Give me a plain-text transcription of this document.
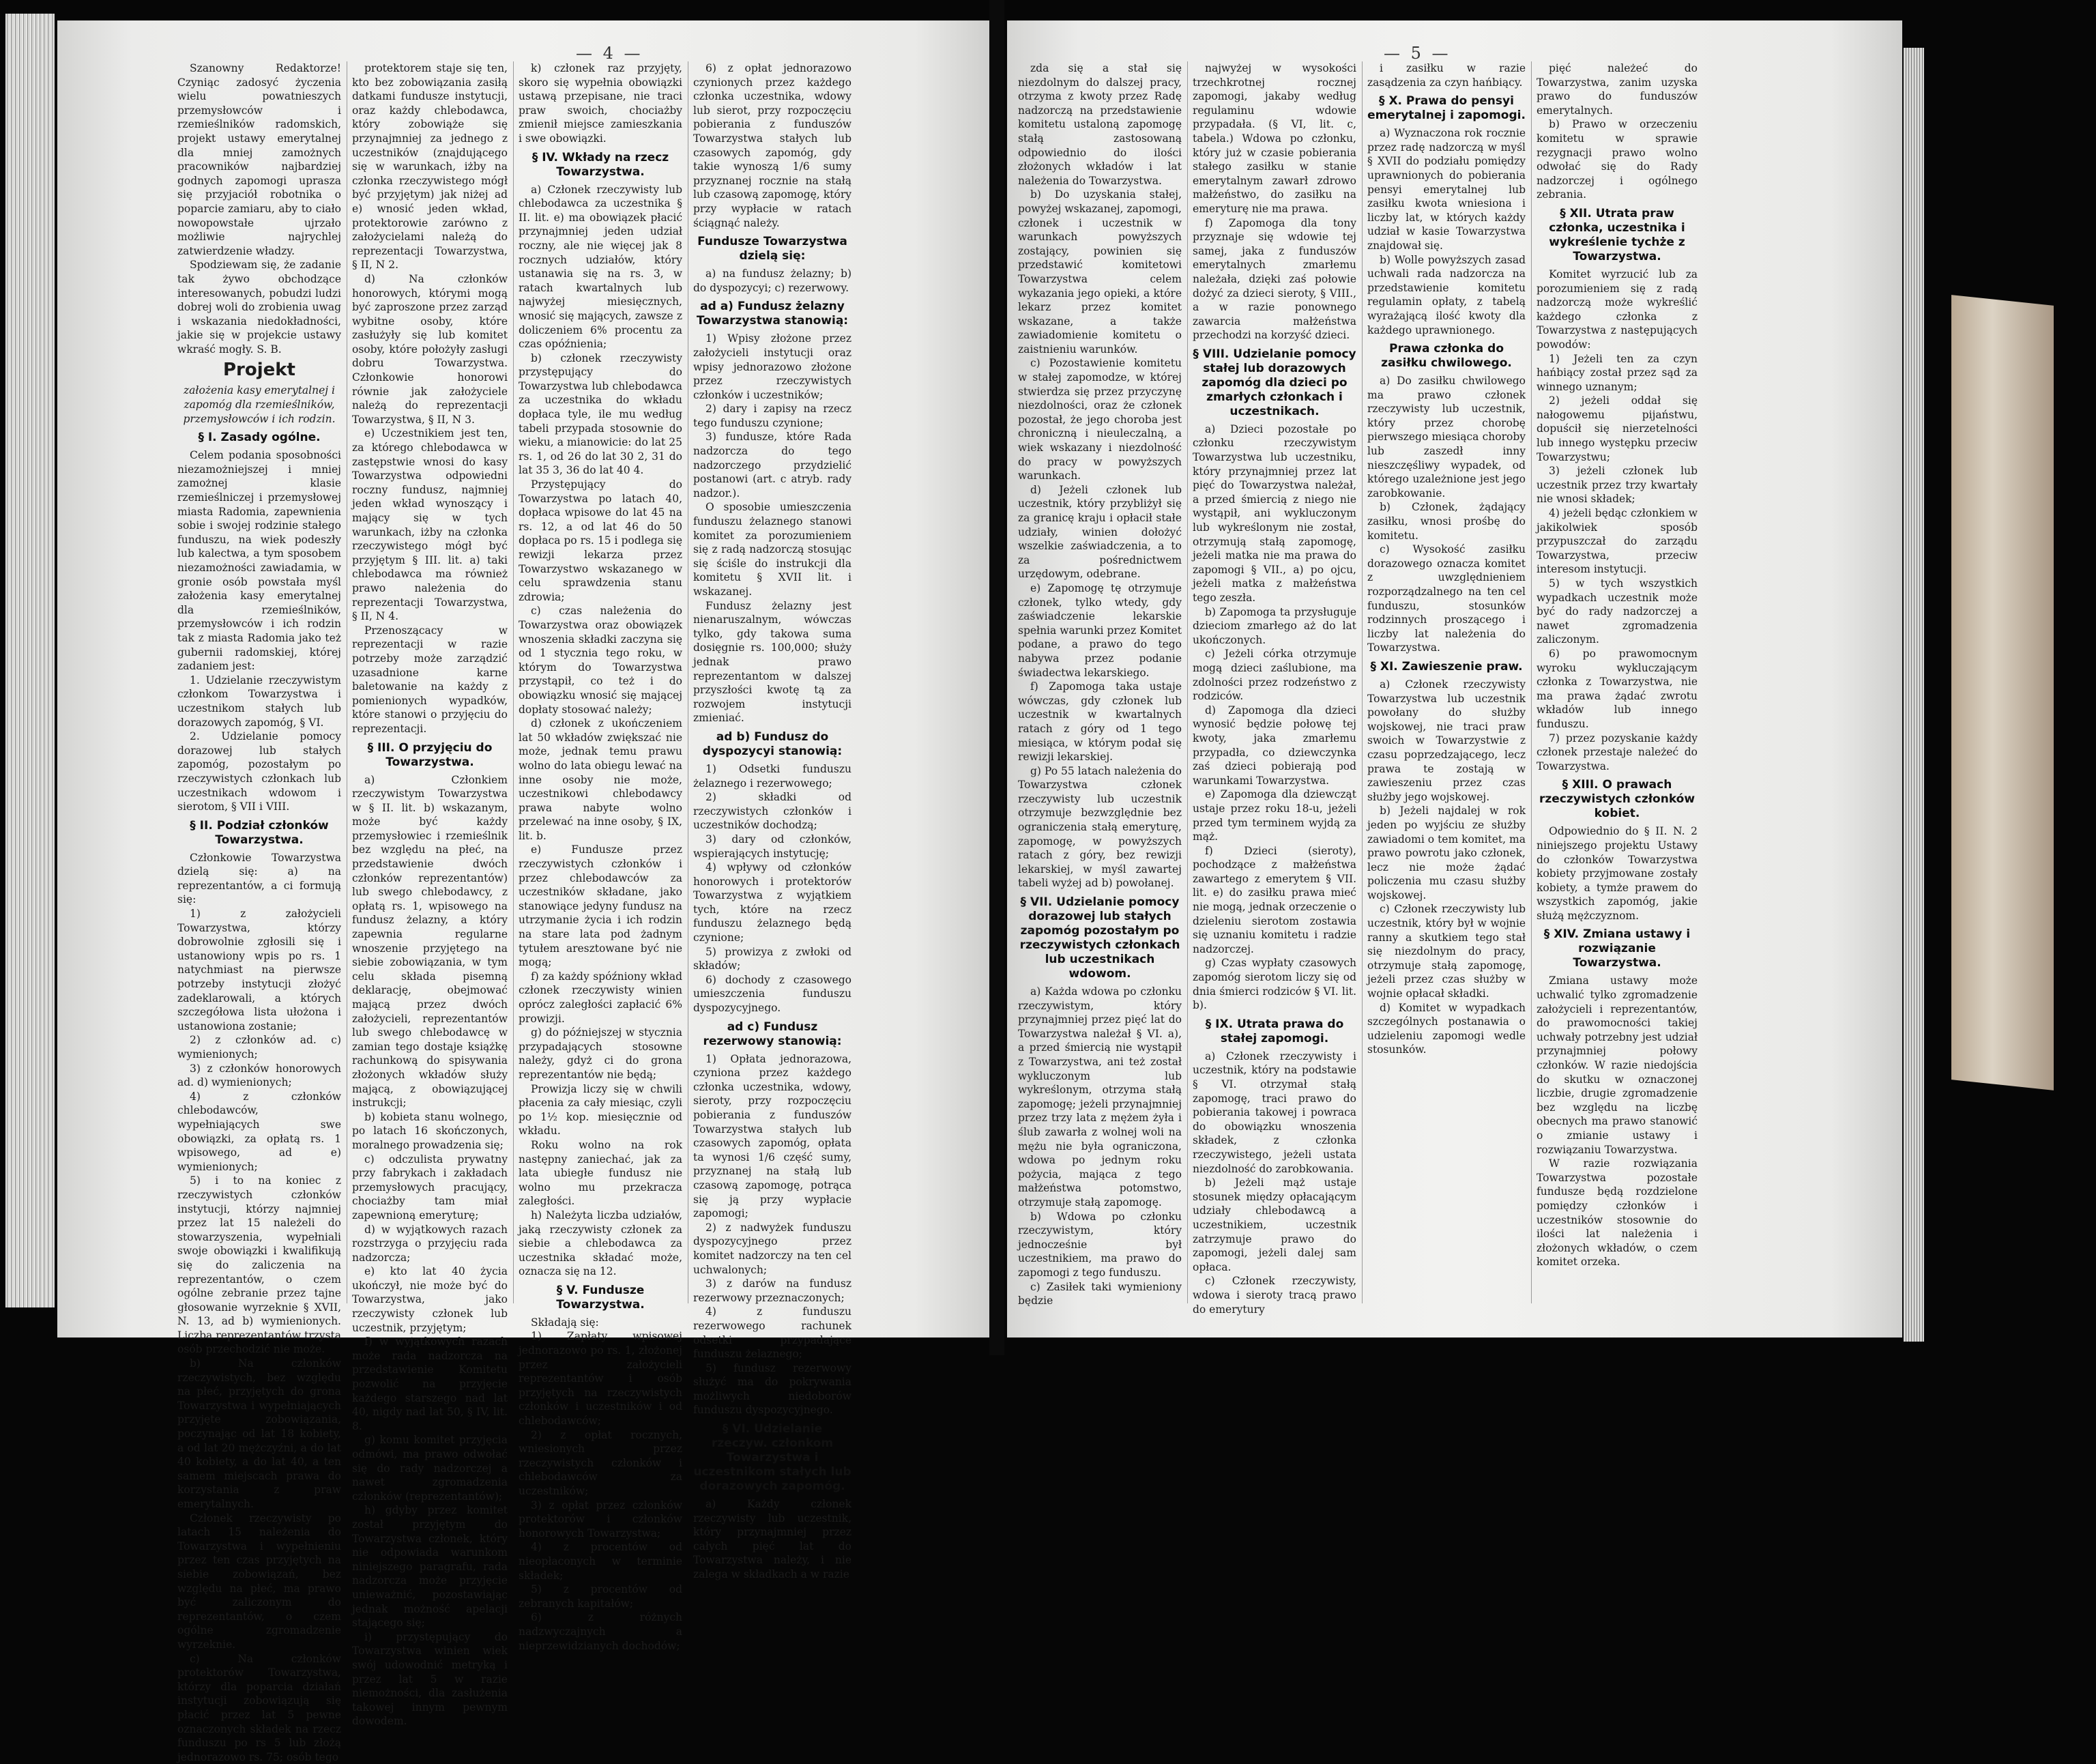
— 4 —

Szanowny Redaktorze! Czyniąc zadosyć życzenia wielu powatnieszych przemysłowców i rzemieślników radomskich, projekt ustawy emerytalnej dla mniej zamożnych pracowników najbardziej godnych zapomogi uprasza się przyjaciół robotnika o poparcie zamiaru, aby to ciało nowopowstałe ujrzało możliwie najrychlej zatwierdzenie władzy.

Spodziewam się, że zadanie tak żywo obchodzące interesowanych, pobudzi ludzi dobrej woli do zrobienia uwag i wskazania niedokładności, jakie się w projekcie ustawy wkraść mogły. S. B.

Projekt

założenia kasy emerytalnej i zapomóg dla rzemieślników, przemysłowców i ich rodzin.

§ I. Zasady ogólne.

Celem podania sposobności niezamożniejszej i mniej zamożnej klasie rzemieślniczej i przemysłowej miasta Radomia, zapewnienia sobie i swojej rodzinie stałego funduszu, na wiek podeszły lub kalectwa, a tym sposobem niezamożności zawiadamia, w gronie osób powstała myśl założenia kasy emerytalnej dla rzemieślników, przemysłowców i ich rodzin tak z miasta Radomia jako też gubernii radomskiej, której zadaniem jest:

1. Udzielanie rzeczywistym członkom Towarzystwa i uczestnikom stałych lub dorazowych zapomóg, § VI.

2. Udzielanie pomocy dorazowej lub stałych zapomóg, pozostałym po rzeczywistych członkach lub uczestnikach wdowom i sierotom, § VII i VIII.

§ II. Podział członków Towarzystwa.

Członkowie Towarzystwa dzielą się: a) na reprezentantów, a ci formują się:

1) z założycieli Towarzystwa, którzy dobrowolnie zgłosili się i ustanowiony wpis po rs. 1 natychmiast na pierwsze potrzeby instytucji złożyć zadeklarowali, a których szczegółowa lista ułożona i ustanowiona zostanie;

2) z członków ad. c) wymienionych;

3) z członków honorowych ad. d) wymienionych;

4) z członków chlebodawców, wypełniających swe obowiązki, za opłatą rs. 1 wpisowego, ad e) wymienionych;

5) i to na koniec z rzeczywistych członków instytucji, którzy najmniej przez lat 15 należeli do stowarzyszenia, wypełniali swoje obowiązki i kwalifikują się do zaliczenia na reprezentantów, o czem ogólne zebranie przez tajne głosowanie wyrzeknie § XVII, N. 13, ad b) wymienionych. Liczba reprezentantów trzysta osób przechodzić nie może.

b) Na członków rzeczywistych, bez względu na płeć, przyjętych do grona Towarzystwa i wypełniających przyjęte zobowiązania, poczynając od lat 18 kobiety, a od lat 20 mężczyźni, a do lat 40 kobiety, a do lat 40, a ten samem miejscach prawa do korzystania z praw emerytalnych.

Członek rzeczywisty po latach 15 należenia do Towarzystwa i wypełnieniu przez ten czas przyjętych na siebie zobowiązań, bez względu na płeć, ma prawo być zaliczonym do reprezentantów, o czem ogólne zgromadzenie wyrzeknie.

c) Na członków protektorów Towarzystwa, którzy dla poparcia działań instytucji zobowiązują się płacić przez lat 5 pewne oznaczonych składek na rzecz funduszu po rs 5 lub złożą jednorazowo rs. 75; osób tego

protektorem staje się ten, kto bez zobowiązania zasiłą datkami fundusze instytucji, oraz każdy chlebodawca, który zobowiąże się przynajmniej za jednego z uczestników (znajdującego się w warunkach, iżby na członka rzeczywistego mógł być przyjętym) jak niżej ad e) wnosić jeden wkład, protektorowie zarówno z założycielami należą do reprezentacji Towarzystwa, § II, N 2.

d) Na członków honorowych, którymi mogą być zaproszone przez zarząd wybitne osoby, które zasłużyły się lub komitet osoby, które położyły zasługi dobru Towarzystwa. Członkowie honorowi równie jak założyciele należą do reprezentacji Towarzystwa, § II, N 3.

e) Uczestnikiem jest ten, za którego chlebodawca w zastępstwie wnosi do kasy Towarzystwa odpowiedni roczny fundusz, najmniej jeden wkład wynoszący i mający się w tych warunkach, iżby na członka rzeczywistego mógł być przyjętym § III. lit. a) taki chlebodawca ma również prawo należenia do reprezentacji Towarzystwa, § II, N 4.

Przenoszącacy w reprezentacji w razie potrzeby może zarządzić uzasadnione karne baletowanie na każdy z pomienionych wypadków, które stanowi o przyjęciu do reprezentacji.

§ III. O przyjęciu do Towarzystwa.

a) Członkiem rzeczywistym Towarzystwa w § II. lit. b) wskazanym, może być każdy przemysłowiec i rzemieślnik bez względu na płeć, na przedstawienie dwóch członków reprezentantów) lub swego chlebodawcy, z opłatą rs. 1, wpisowego na fundusz żelazny, a który zapewnia regularne wnoszenie przyjętego na siebie zobowiązania, w tym celu składa pisemną deklarację, obejmować mającą przez dwóch założycieli, reprezentantów lub swego chlebodawcę w zamian tego dostaje książkę rachunkową do spisywania złożonych wkładów służy mającą, z obowiązującej instrukcji;

b) kobieta stanu wolnego, po latach 16 skończonych, moralnego prowadzenia się;

c) odczulista prywatny przy fabrykach i zakładach przemysłowych pracujący, chociażby tam miał zapewnioną emeryturę;

d) w wyjątkowych razach rozstrzyga o przyjęciu rada nadzorcza;

e) kto lat 40 życia ukończył, nie może być do Towarzystwa, jako rzeczywisty członek lub uczestnik, przyjętym;

f) w wyjątkowych razach może rada nadzorcza na przedstawienie Komitetu pozwolić na przyjęcie każdego starszego nad lat 40, nigdy nad lat 50, § IV, lit. 8.

g) komu komitet przyjęcia odmówi, ma prawo odwołać się do rady nadzorczej a nawet zgromadzenia członków (reprezentantów);

h) gdyby przez komitet został przyjętym do Towarzystwa członek, który nie odpowiada warunkom niniejszego paragrafu, rada nadzorcza może przyjęcie unieważnić, pozostawiając jednak możność apelacji stającego się;

i) przystępujący do Towarzystwa winien wiek swój udowodnić metryką i przez lat 5 w razie niemożności, dla zasłużenia takowej innym pewnym dowodem.

k) członek raz przyjęty, skoro się wypełnia obowiązki ustawą przepisane, nie traci praw swoich, chociażby zmienił miejsce zamieszkania i swe obowiązki.

§ IV. Wkłady na rzecz Towarzystwa.

a) Członek rzeczywisty lub chlebodawca za uczestnika § II. lit. e) ma obowiązek płacić przynajmniej jeden udział roczny, ale nie więcej jak 8 rocznych udziałów, który ustanawia się na rs. 3, w ratach kwartalnych lub najwyżej miesięcznych, wnosić się mających, zawsze z doliczeniem 6% procentu za czas opóźnienia;

b) członek rzeczywisty przystępujący do Towarzystwa lub chlebodawca za uczestnika do wkładu dopłaca tyle, ile mu według tabeli przypada stosownie do wieku, a mianowicie: do lat 25 rs. 1, od 26 do lat 30 2, 31 do lat 35 3, 36 do lat 40 4.

Przystępujący do Towarzystwa po latach 40, dopłaca wpisowe do lat 45 na rs. 12, a od lat 46 do 50 dopłaca po rs. 15 i podlega się rewizji lekarza przez Towarzystwo wskazanego w celu sprawdzenia stanu zdrowia;

c) czas należenia do Towarzystwa oraz obowiązek wnoszenia składki zaczyna się od 1 stycznia tego roku, w którym do Towarzystwa przystąpił, co też i do obowiązku wnosić się mającej dopłaty stosować należy;

d) członek z ukończeniem lat 50 wkładów zwiększać nie może, jednak temu prawu wolno do lata obiegu lewać na inne osoby nie może, uczestnikowi chlebodawcy prawa nabyte wolno przelewać na inne osoby, § IX, lit. b.

e) Fundusze przez rzeczywistych członków i przez chlebodawców za uczestników składane, jako stanowiące jedyny fundusz na utrzymanie życia i ich rodzin na stare lata pod żadnym tytułem aresztowane być nie mogą;

f) za każdy spóźniony wkład członek rzeczywisty winien oprócz zaległości zapłacić 6% prowizji.

g) do późniejszej w stycznia przypadających stosowne należy, gdyż ci do grona reprezentantów nie będą;

Prowizja liczy się w chwili płacenia za cały miesiąc, czyli po 1½ kop. miesięcznie od wkładu.

Roku wolno na rok następny zaniechać, jak za lata ubiegłe fundusz nie wolno mu przekracza zaległości.

h) Należyta liczba udziałów, jaką rzeczywisty członek za siebie a chlebodawca za uczestnika składać może, oznacza się na 12.

§ V. Fundusze Towarzystwa.

Składają się:

1) Zapłaty wpisowej jednorazowo po rs. 1, złożonej przez założycieli reprezentantów i osób przyjętych na rzeczywistych członków i uczestników i od chlebodawców;

2) z opłat rocznych, wniesionych przez rzeczywistych członków i chlebodawców za uczestników;

3) z opłat przez członków protektorów i członków honorowych Towarzystwa;

4) z procentów od nieopłaconych w terminie składek;

5) z procentów od zebranych kapitałów;

6) z różnych nadzwyczajnych a nieprzewidzianych dochodów;

6) z opłat jednorazowo czynionych przez każdego członka uczestnika, wdowy lub sierot, przy rozpoczęciu pobierania z funduszów Towarzystwa stałych lub czasowych zapomóg, gdy takie wynoszą 1/6 sumy przyznanej rocznie na stałą lub czasową zapomogę, który przy wypłacie w ratach ściągnąć należy.

Fundusze Towarzystwa dzielą się:

a) na fundusz żelazny; b) do dyspozycyi; c) rezerwowy.

ad a) Fundusz żelazny Towarzystwa stanowią:

1) Wpisy złożone przez założycieli instytucji oraz wpisy jednorazowo złożone przez rzeczywistych członków i uczestników;

2) dary i zapisy na rzecz tego funduszu czynione;

3) fundusze, które Rada nadzorcza do tego nadzorczego przydzielić postanowi (art. c atryb. rady nadzor.).

O sposobie umieszczenia funduszu żelaznego stanowi komitet za porozumieniem się z radą nadzorczą stosując się ściśle do instrukcji dla komitetu § XVII lit. i wskazanej.

Fundusz żelazny jest nienaruszalnym, wówczas tylko, gdy takowa suma dosięgnie rs. 100,000; służy jednak prawo reprezentantom w dalszej przyszłości kwotę tą za rozwojem instytucji zmieniać.

ad b) Fundusz do dyspozycyi stanowią:

1) Odsetki funduszu żelaznego i rezerwowego;

2) składki od rzeczywistych członków i uczestników dochodzą;

3) dary od członków, wspierających instytucję;

4) wpływy od członków honorowych i protektorów Towarzystwa z wyjątkiem tych, które na rzecz funduszu żelaznego będą czynione;

5) prowizya z zwłoki od składów;

6) dochody z czasowego umieszczenia funduszu dyspozycyjnego.

ad c) Fundusz rezerwowy stanowią:

1) Opłata jednorazowa, czyniona przez każdego członka uczestnika, wdowy, sieroty, przy rozpoczęciu pobierania z funduszów Towarzystwa stałych lub czasowych zapomóg, opłata ta wynosi 1/6 część sumy, przyznanej na stałą lub czasową zapomogę, potrąca się ją przy wypłacie zapomogi;

2) z nadwyżek funduszu dyspozycyjnego przez komitet nadzorczy na ten cel uchwalonych;

3) z darów na fundusz rezerwowy przeznaczonych;

4) z funduszu rezerwowego rachunek odsetki przypadające funduszu żelaznego;

5) fundusz rezerwowy służyć ma do pokrywania możliwych niedoborów funduszu dyspozycyjnego.

§ VI. Udzielanie rzeczyw. członkom Towarzystwa i uczestnikom stałych lub dorazowych zapomóg.

a) Każdy członek rzeczywisty lub uczestnik, który przynajmniej przez całych pięć lat do Towarzystwa należy, i nie zalega w składkach a w razie

— 5 —

zda się a stał się niezdolnym do dalszej pracy, otrzyma z kwoty przez Radę nadzorczą na przedstawienie komitetu ustaloną zapomogę stałą zastosowaną odpowiednio do ilości złożonych wkładów i lat należenia do Towarzystwa.

b) Do uzyskania stałej, powyżej wskazanej, zapomogi, członek i uczestnik w warunkach powyższych zostający, powinien się przedstawić komitetowi Towarzystwa celem wykazania jego opieki, a które lekarz przez komitet wskazane, a także zawiadomienie komitetu o zaistnieniu warunków.

c) Pozostawienie komitetu w stałej zapomodze, w której stwierdza się przez przyczynę niezdolności, oraz że członek pozostał, że jego choroba jest chroniczną i nieuleczalną, a wiek wskazany i niezdolność do pracy w powyższych warunkach.

d) Jeżeli członek lub uczestnik, który przybliżył się za granicę kraju i opłacił stałe udziały, winien dołożyć wszelkie zaświadczenia, a to za pośrednictwem urzędowym, odebrane.

e) Zapomogę tę otrzymuje członek, tylko wtedy, gdy zaświadczenie lekarskie spełnia warunki przez Komitet podane, a prawo do tego nabywa przez podanie świadectwa lekarskiego.

f) Zapomoga taka ustaje wówczas, gdy członek lub uczestnik w kwartalnych ratach z góry od 1 tego miesiąca, w którym podał się rewizji lekarskiej.

g) Po 55 latach należenia do Towarzystwa członek rzeczywisty lub uczestnik otrzymuje bezwzględnie bez ograniczenia stałą emeryturę, zapomogę, w powyższych ratach z góry, bez rewizji lekarskiej, w myśl zawartej tabeli wyżej ad b) powołanej.

§ VII. Udzielanie pomocy dorazowej lub stałych zapomóg pozostałym po rzeczywistych członkach lub uczestnikach wdowom.

a) Każda wdowa po członku rzeczywistym, który przynajmniej przez pięć lat do Towarzystwa należał § VI. a), a przed śmiercią nie wystąpił z Towarzystwa, ani też został wykluczonym lub wykreślonym, otrzyma stałą zapomogę; jeżeli przynajmniej przez trzy lata z mężem żyła i ślub zawarła z wolnej woli na mężu nie była ograniczona, wdowa po jednym roku pożycia, mająca z tego małżeństwa potomstwo, otrzymuje stałą zapomogę.

b) Wdowa po członku rzeczywistym, który jednocześnie był uczestnikiem, ma prawo do zapomogi z tego funduszu.

c) Zasiłek taki wymieniony będzie

najwyżej w wysokości trzechkrotnej rocznej zapomogi, jakaby według regulaminu wdowie przypadała. (§ VI, lit. c, tabela.) Wdowa po członku, który już w czasie pobierania stałego zasiłku w stanie emerytalnym zawarł zdrowo małżeństwo, do zasiłku na emeryturę nie ma prawa.

f) Zapomoga dla tony przyznaje się wdowie tej samej, jaka z funduszów emerytalnych zmarłemu należała, dzięki zaś połowie dożyć za dzieci sieroty, § VIII., a w razie ponownego zawarcia małżeństwa przechodzi na korzyść dzieci.

§ VIII. Udzielanie pomocy stałej lub dorazowych zapomóg dla dzieci po zmarłych członkach i uczestnikach.

a) Dzieci pozostałe po członku rzeczywistym Towarzystwa lub uczestniku, który przynajmniej przez lat pięć do Towarzystwa należał, a przed śmiercią z niego nie wystąpił, ani wykluczonym lub wykreślonym nie został, otrzymują stałą zapomogę, jeżeli matka nie ma prawa do zapomogi § VII., a) po ojcu, jeżeli matka z małżeństwa tego zeszła.

b) Zapomoga ta przysługuje dzieciom zmarłego aż do lat ukończonych.

c) Jeżeli córka otrzymuje mogą dzieci zaślubione, ma zdolności przez rodzeństwo z rodziców.

d) Zapomoga dla dzieci wynosić będzie połowę tej kwoty, jaka zmarłemu przypadła, co dziewczynka zaś dzieci pobierają pod warunkami Towarzystwa.

e) Zapomoga dla dziewcząt ustaje przez roku 18-u, jeżeli przed tym terminem wyjdą za mąż.

f) Dzieci (sieroty), pochodzące z małżeństwa zawartego z emerytem § VII. lit. e) do zasiłku prawa mieć nie mogą, jednak orzeczenie o dzieleniu sierotom zostawia się uznaniu komitetu i radzie nadzorczej.

g) Czas wypłaty czasowych zapomóg sierotom liczy się od dnia śmierci rodziców § VI. lit. b).

§ IX. Utrata prawa do stałej zapomogi.

a) Członek rzeczywisty i uczestnik, który na podstawie § VI. otrzymał stałą zapomogę, traci prawo do pobierania takowej i powraca do obowiązku wnoszenia składek, z członka rzeczywistego, jeżeli ustata niezdolność do zarobkowania.

b) Jeżeli mąż ustaje stosunek między opłacającym udziały chlebodawcą a uczestnikiem, uczestnik zatrzymuje prawo do zapomogi, jeżeli dalej sam opłaca.

c) Członek rzeczywisty, wdowa i sieroty tracą prawo do emerytury

i zasiłku w razie zasądzenia za czyn hańbiący.

§ X. Prawa do pensyi emerytalnej i zapomogi.

a) Wyznaczona rok rocznie przez radę nadzorczą w myśl § XVII do podziału pomiędzy uprawnionych do pobierania pensyi emerytalnej lub zasiłku kwota wniesiona i liczby lat, w których każdy udział w kasie Towarzystwa znajdował się.

b) Wolle powyższych zasad uchwali rada nadzorcza na przedstawienie komitetu regulamin opłaty, z tabelą wyrażającą ilość kwoty dla każdego uprawnionego.

Prawa członka do zasiłku chwilowego.

a) Do zasiłku chwilowego ma prawo członek rzeczywisty lub uczestnik, który przez chorobę pierwszego miesiąca choroby lub zaszedł inny nieszczęśliwy wypadek, od którego uzależnione jest jego zarobkowanie.

b) Członek, żądający zasiłku, wnosi prośbę do komitetu.

c) Wysokość zasiłku dorazowego oznacza komitet z uwzględnieniem rozporządzalnego na ten cel funduszu, stosunków rodzinnych proszącego i liczby lat należenia do Towarzystwa.

§ XI. Zawieszenie praw.

a) Członek rzeczywisty Towarzystwa lub uczestnik powołany do służby wojskowej, nie traci praw swoich w Towarzystwie z czasu poprzedzającego, lecz prawa te zostają w zawieszeniu przez czas służby jego wojskowej.

b) Jeżeli najdalej w rok jeden po wyjściu ze służby zawiadomi o tem komitet, ma prawo powrotu jako członek, lecz nie może żądać policzenia mu czasu służby wojskowej.

c) Członek rzeczywisty lub uczestnik, który był w wojnie ranny a skutkiem tego stał się niezdolnym do pracy, otrzymuje stałą zapomogę, jeżeli przez czas służby w wojnie opłacał składki.

d) Komitet w wypadkach szczególnych postanawia o udzieleniu zapomogi wedle stosunków.

pięć należeć do Towarzystwa, zanim uzyska prawo do funduszów emerytalnych.

b) Prawo w orzeczeniu komitetu w sprawie rezygnacji prawo wolno odwołać się do Rady nadzorczej i ogólnego zebrania.

§ XII. Utrata praw członka, uczestnika i wykreślenie tychże z Towarzystwa.

Komitet wyrzucić lub za porozumieniem się z radą nadzorczą może wykreślić każdego członka z Towarzystwa z następujących powodów:

1) Jeżeli ten za czyn hańbiący został przez sąd za winnego uznanym;

2) jeżeli oddał się nałogowemu pijaństwu, dopuścił się nierzetelności lub innego występku przeciw Towarzystwu;

3) jeżeli członek lub uczestnik przez trzy kwartały nie wnosi składek;

4) jeżeli będąc członkiem w jakikolwiek sposób przypuszczał do zarządu Towarzystwa, przeciw interesom instytucji.

5) w tych wszystkich wypadkach uczestnik może być do rady nadzorczej a nawet zgromadzenia zaliczonym.

6) po prawomocnym wyroku wykluczającym członka z Towarzystwa, nie ma prawa żądać zwrotu wkładów lub innego funduszu.

7) przez pozyskanie każdy członek przestaje należeć do Towarzystwa.

§ XIII. O prawach rzeczywistych członków kobiet.

Odpowiednio do § II. N. 2 niniejszego projektu Ustawy do członków Towarzystwa kobiety przyjmowane zostały kobiety, a tymże prawem do wszystkich zapomóg, jakie służą mężczyznom.

§ XIV. Zmiana ustawy i rozwiązanie Towarzystwa.

Zmiana ustawy może uchwalić tylko zgromadzenie założycieli i reprezentantów, do prawomocności takiej uchwały potrzebny jest udział przynajmniej połowy członków. W razie niedojścia do skutku w oznaczonej liczbie, drugie zgromadzenie bez względu na liczbę obecnych ma prawo stanowić o zmianie ustawy i rozwiązaniu Towarzystwa.

W razie rozwiązania Towarzystwa pozostałe fundusze będą rozdzielone pomiędzy członków i uczestników stosownie do ilości lat należenia i złożonych wkładów, o czem komitet orzeka.
